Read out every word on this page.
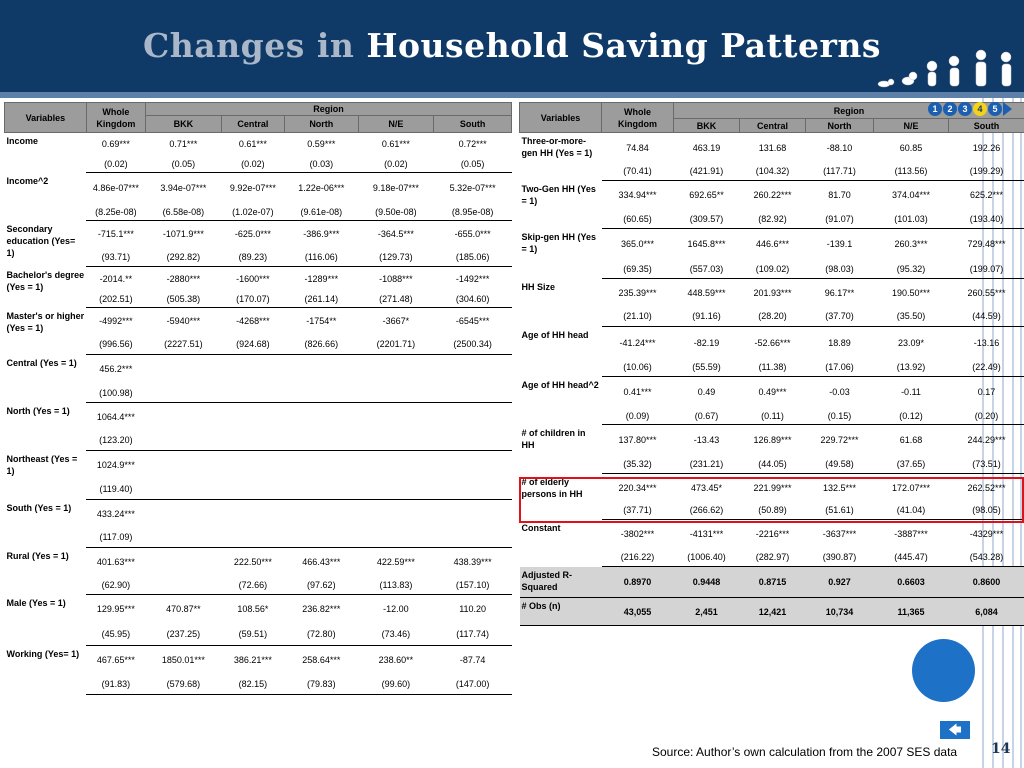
Changes in Household Saving Patterns
Variables	Whole Kingdom	Region				
		BKK	Central	North	N/E	South
Income	0.69***	0.71***	0.61***	0.59***	0.61***	0.72***
	(0.02)	(0.05)	(0.02)	(0.03)	(0.02)	(0.05)
Income^2	4.86e-07***	3.94e-07***	9.92e-07***	1.22e-06***	9.18e-07***	5.32e-07***
	(8.25e-08)	(6.58e-08)	(1.02e-07)	(9.61e-08)	(9.50e-08)	(8.95e-08)
Secondary education (Yes= 1)	-715.1***	-1071.9***	-625.0***	-386.9***	-364.5***	-655.0***
	(93.71)	(292.82)	(89.23)	(116.06)	(129.73)	(185.06)
Bachelor's degree (Yes = 1)	-2014.**	-2880***	-1600***	-1289***	-1088***	-1492***
	(202.51)	(505.38)	(170.07)	(261.14)	(271.48)	(304.60)
Master's or higher (Yes = 1)	-4992***	-5940***	-4268***	-1754**	-3667*	-6545***
	(996.56)	(2227.51)	(924.68)	(826.66)	(2201.71)	(2500.34)
Central (Yes = 1)	456.2***					
	(100.98)					
North (Yes = 1)	1064.4***					
	(123.20)					
Northeast (Yes = 1)	1024.9***					
	(119.40)					
South (Yes = 1)	433.24***					
	(117.09)					
Rural (Yes = 1)	401.63***		222.50***	466.43***	422.59***	438.39***
	(62.90)		(72.66)	(97.62)	(113.83)	(157.10)
Male (Yes = 1)	129.95***	470.87**	108.56*	236.82***	-12.00	110.20
	(45.95)	(237.25)	(59.51)	(72.80)	(73.46)	(117.74)
Working (Yes= 1)	467.65***	1850.01***	386.21***	258.64***	238.60**	-87.74
	(91.83)	(579.68)	(82.15)	(79.83)	(99.60)	(147.00)
Variables	Whole Kingdom	Region				
		BKK	Central	North	N/E	South
Three-or-more-gen HH (Yes = 1)	74.84	463.19	131.68	-88.10	60.85	192.26
	(70.41)	(421.91)	(104.32)	(117.71)	(113.56)	(199.29)
Two-Gen HH (Yes = 1)	334.94***	692.65**	260.22***	81.70	374.04***	625.2***
	(60.65)	(309.57)	(82.92)	(91.07)	(101.03)	(193.40)
Skip-gen HH (Yes = 1)	365.0***	1645.8***	446.6***	-139.1	260.3***	729.48***
	(69.35)	(557.03)	(109.02)	(98.03)	(95.32)	(199.07)
HH Size	235.39***	448.59***	201.93***	96.17**	190.50***	260.55***
	(21.10)	(91.16)	(28.20)	(37.70)	(35.50)	(44.59)
Age of HH head	-41.24***	-82.19	-52.66***	18.89	23.09*	-13.16
	(10.06)	(55.59)	(11.38)	(17.06)	(13.92)	(22.49)
Age of HH head^2	0.41***	0.49	0.49***	-0.03	-0.11	0.17
	(0.09)	(0.67)	(0.11)	(0.15)	(0.12)	(0.20)
# of children in HH	137.80***	-13.43	126.89***	229.72***	61.68	244.29***
	(35.32)	(231.21)	(44.05)	(49.58)	(37.65)	(73.51)
# of elderly persons in HH	220.34***	473.45*	221.99***	132.5***	172.07***	262.52***
	(37.71)	(266.62)	(50.89)	(51.61)	(41.04)	(98.05)
Constant	-3802***	-4131***	-2216***	-3637***	-3887***	-4329***
	(216.22)	(1006.40)	(282.97)	(390.87)	(445.47)	(543.28)
Adjusted R-Squared	0.8970	0.9448	0.8715	0.927	0.6603	0.8600
# Obs (n)	43,055	2,451	12,421	10,734	11,365	6,084
1	2	3	4	5
🡄
Source: Author’s own calculation from the 2007 SES data 14
